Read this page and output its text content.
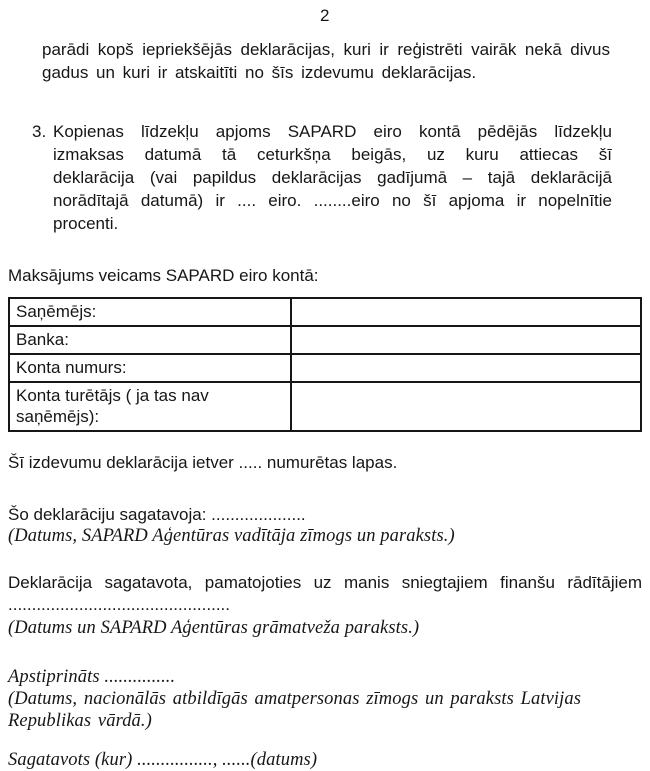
2

parādi kopš iepriekšējās deklarācijas, kuri ir reģistrēti vairāk nekā divus gadus un kuri ir atskaitīti no šīs izdevumu deklarācijas.

3. Kopienas līdzekļu apjoms SAPARD eiro kontā pēdējās līdzekļu izmaksas datumā tā ceturkšņa beigās, uz kuru attiecas šī deklarācija (vai papildus deklarācijas gadījumā – tajā deklarācijā norādītajā datumā) ir .... eiro. ........eiro no šī apjoma ir nopelnītie procenti.
Maksājums veicams SAPARD eiro kontā:
Saņēmējs:	
Banka:	
Konta numurs:	
Konta turētājs ( ja tas nav saņēmējs):	
Šī izdevumu deklarācija ietver ..... numurētas lapas.
Šo deklarāciju sagatavoja: ....................
(Datums, SAPARD Aģentūras vadītāja zīmogs un paraksts.)
Deklarācija sagatavota, pamatojoties uz manis sniegtajiem finanšu rādītājiem ...............................................
(Datums un SAPARD Aģentūras grāmatveža paraksts.)
Apstiprināts ...............
(Datums, nacionālās atbildīgās amatpersonas zīmogs un paraksts Latvijas Republikas vārdā.)
Sagatavots (kur) ................, ......(datums)
